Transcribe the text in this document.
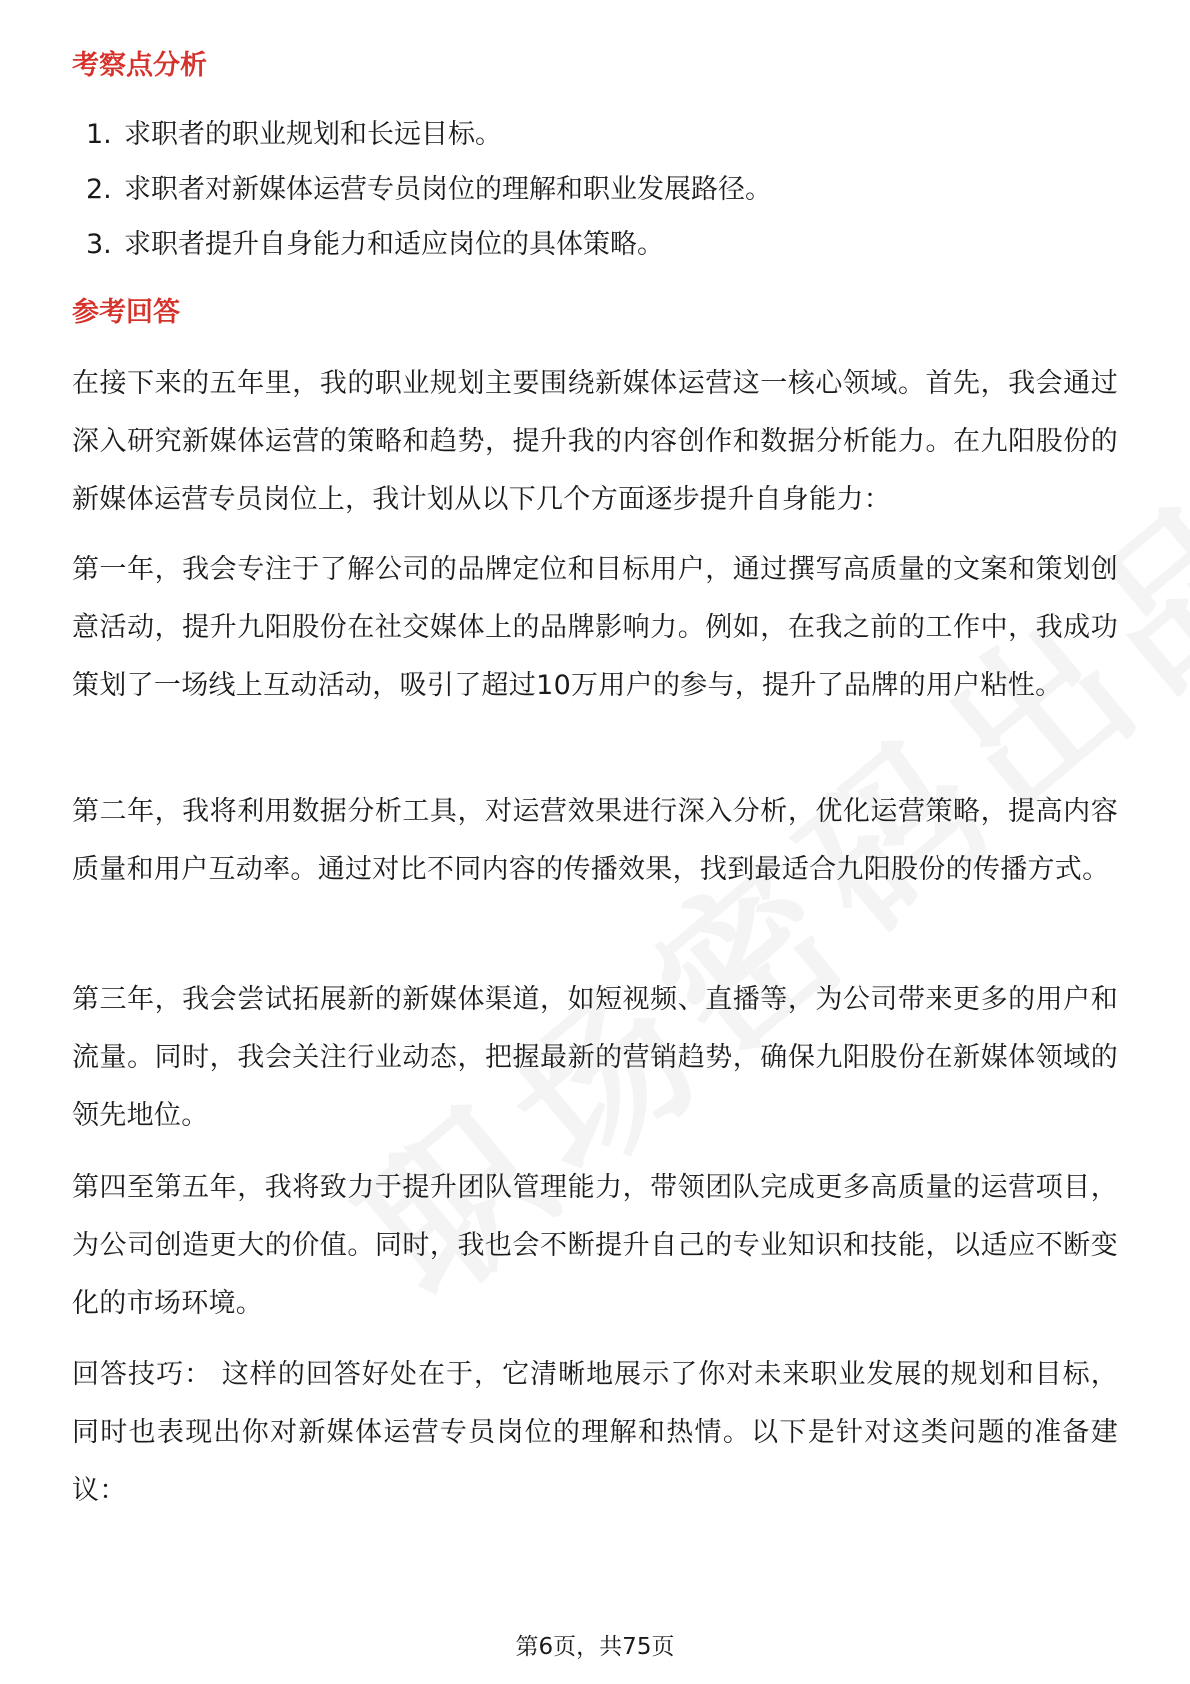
考察点分析
1. 求职者的职业规划和长远目标。
2. 求职者对新媒体运营专员岗位的理解和职业发展路径。
3. 求职者提升自身能力和适应岗位的具体策略。
参考回答
在接下来的五年里，我的职业规划主要围绕新媒体运营这一核心领域。首先，我会通过深入研究新媒体运营的策略和趋势，提升我的内容创作和数据分析能力。在九阳股份的新媒体运营专员岗位上，我计划从以下几个方面逐步提升自身能力：
第一年，我会专注于了解公司的品牌定位和目标用户，通过撰写高质量的文案和策划创意活动，提升九阳股份在社交媒体上的品牌影响力。例如，在我之前的工作中，我成功策划了一场线上互动活动，吸引了超过10万用户的参与，提升了品牌的用户粘性。
第二年，我将利用数据分析工具，对运营效果进行深入分析，优化运营策略，提高内容质量和用户互动率。通过对比不同内容的传播效果，找到最适合九阳股份的传播方式。
第三年，我会尝试拓展新的新媒体渠道，如短视频、直播等，为公司带来更多的用户和流量。同时，我会关注行业动态，把握最新的营销趋势，确保九阳股份在新媒体领域的领先地位。
第四至第五年，我将致力于提升团队管理能力，带领团队完成更多高质量的运营项目，为公司创造更大的价值。同时，我也会不断提升自己的专业知识和技能，以适应不断变化的市场环境。
回答技巧： 这样的回答好处在于，它清晰地展示了你对未来职业发展的规划和目标，同时也表现出你对新媒体运营专员岗位的理解和热情。以下是针对这类问题的准备建议：
第6页，共75页
